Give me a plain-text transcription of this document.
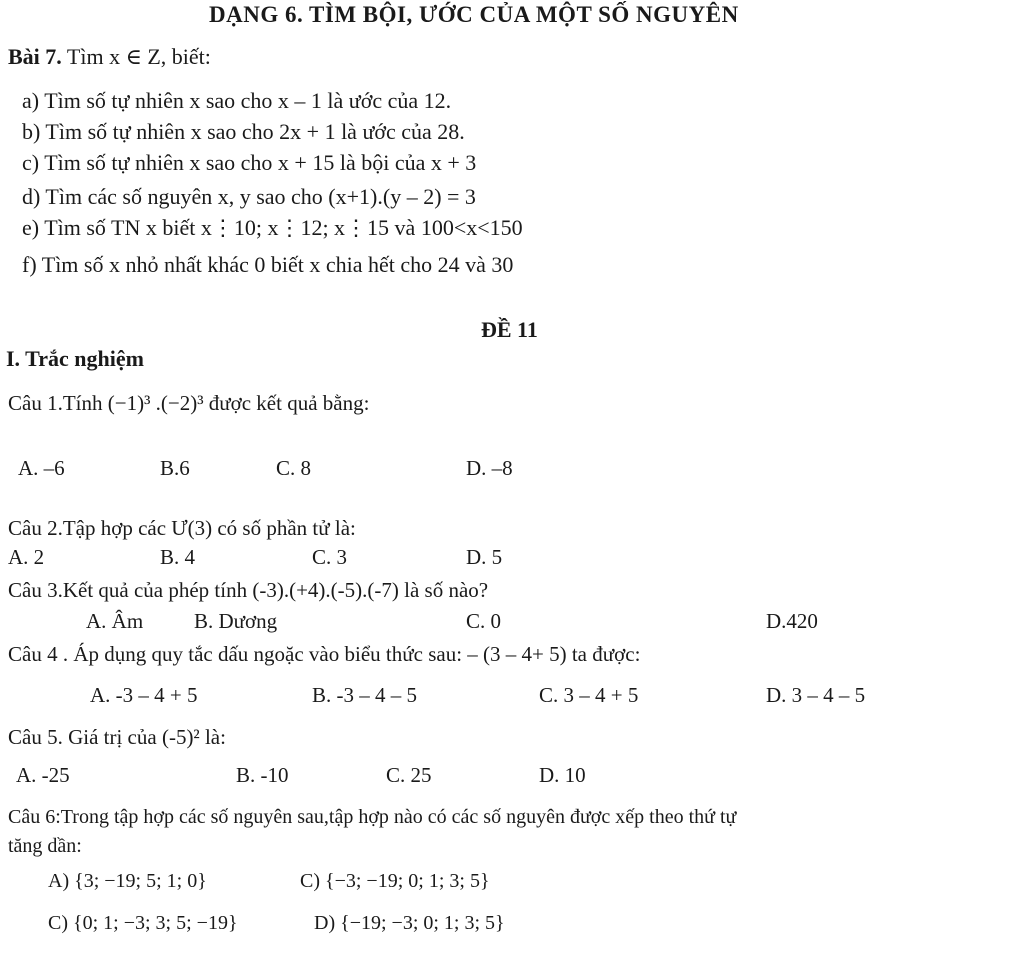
DẠNG 6. TÌM BỘI, ƯỚC CỦA MỘT SỐ NGUYÊN
Bài 7. Tìm x ∈ Z, biết:
a) Tìm số tự nhiên x sao cho x – 1 là ước của 12.
b) Tìm số tự nhiên x sao cho 2x + 1 là ước của 28.
c) Tìm số tự nhiên x sao cho x + 15 là bội của x + 3
d) Tìm các số nguyên x, y sao cho (x+1).(y – 2) = 3
e) Tìm số TN x biết x⋮10; x⋮12; x⋮15 và 100<x<150
f) Tìm số x nhỏ nhất khác 0 biết x chia hết cho 24 và 30
ĐỀ 11
I. Trắc nghiệm
Câu 1.Tính (−1)³ .(−2)³ được kết quả bằng:
A. –6	B.6	C. 8	D. –8
Câu 2.Tập hợp các Ư(3) có số phần tử là:
A. 2	B. 4	C. 3	D. 5
Câu 3.Kết quả của phép tính (-3).(+4).(-5).(-7) là số nào?
A. Âm B. Dương	C. 0	D.420
Câu 4 . Áp dụng quy tắc dấu ngoặc vào biểu thức sau: – (3 – 4+ 5) ta được:
A. -3 – 4 + 5	B. -3 – 4 – 5	C. 3 – 4 + 5	D. 3 – 4 – 5
Câu 5. Giá trị của (-5)² là:
A. -25	B. -10	C. 25	D. 10
Câu 6:Trong tập hợp các số nguyên sau,tập hợp nào có các số nguyên được xếp theo thứ tự
tăng dần:
A) {3; −19; 5; 1; 0}	C) {−3; −19; 0; 1; 3; 5}
C) {0; 1; −3; 3; 5; −19}	D) {−19; −3; 0; 1; 3; 5}
